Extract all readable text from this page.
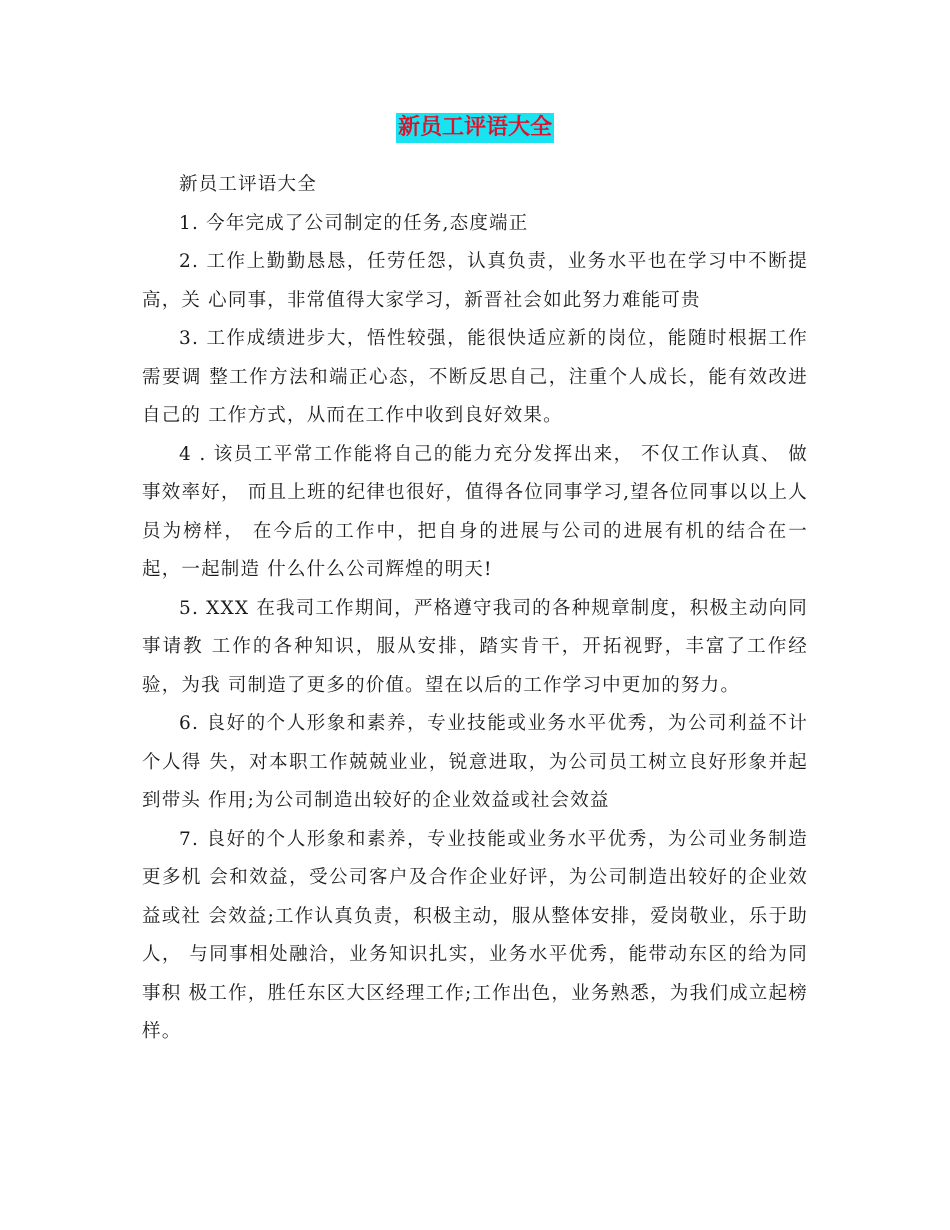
新员工评语大全

新员工评语大全

1. 今年完成了公司制定的任务,态度端正

2. 工作上勤勤恳恳，任劳任怨，认真负责，业务水平也在学习中不断提高，关 心同事，非常值得大家学习，新晋社会如此努力难能可贵

3. 工作成绩进步大，悟性较强，能很快适应新的岗位，能随时根据工作需要调 整工作方法和端正心态，不断反思自己，注重个人成长，能有效改进自己的 工作方式，从而在工作中收到良好效果。

4 . 该员工平常工作能将自己的能力充分发挥出来， 不仅工作认真、 做事效率好， 而且上班的纪律也很好，值得各位同事学习,望各位同事以以上人员为榜样， 在今后的工作中，把自身的进展与公司的进展有机的结合在一起，一起制造 什么什么公司辉煌的明天!

5. XXX 在我司工作期间，严格遵守我司的各种规章制度，积极主动向同事请教 工作的各种知识，服从安排，踏实肯干，开拓视野，丰富了工作经验，为我 司制造了更多的价值。望在以后的工作学习中更加的努力。

6. 良好的个人形象和素养，专业技能或业务水平优秀，为公司利益不计个人得 失，对本职工作兢兢业业，锐意进取，为公司员工树立良好形象并起到带头 作用;为公司制造出较好的企业效益或社会效益

7. 良好的个人形象和素养，专业技能或业务水平优秀，为公司业务制造更多机 会和效益，受公司客户及合作企业好评，为公司制造出较好的企业效益或社 会效益;工作认真负责，积极主动，服从整体安排，爱岗敬业，乐于助人， 与同事相处融洽，业务知识扎实，业务水平优秀，能带动东区的给为同事积 极工作，胜任东区大区经理工作;工作出色，业务熟悉，为我们成立起榜样。
